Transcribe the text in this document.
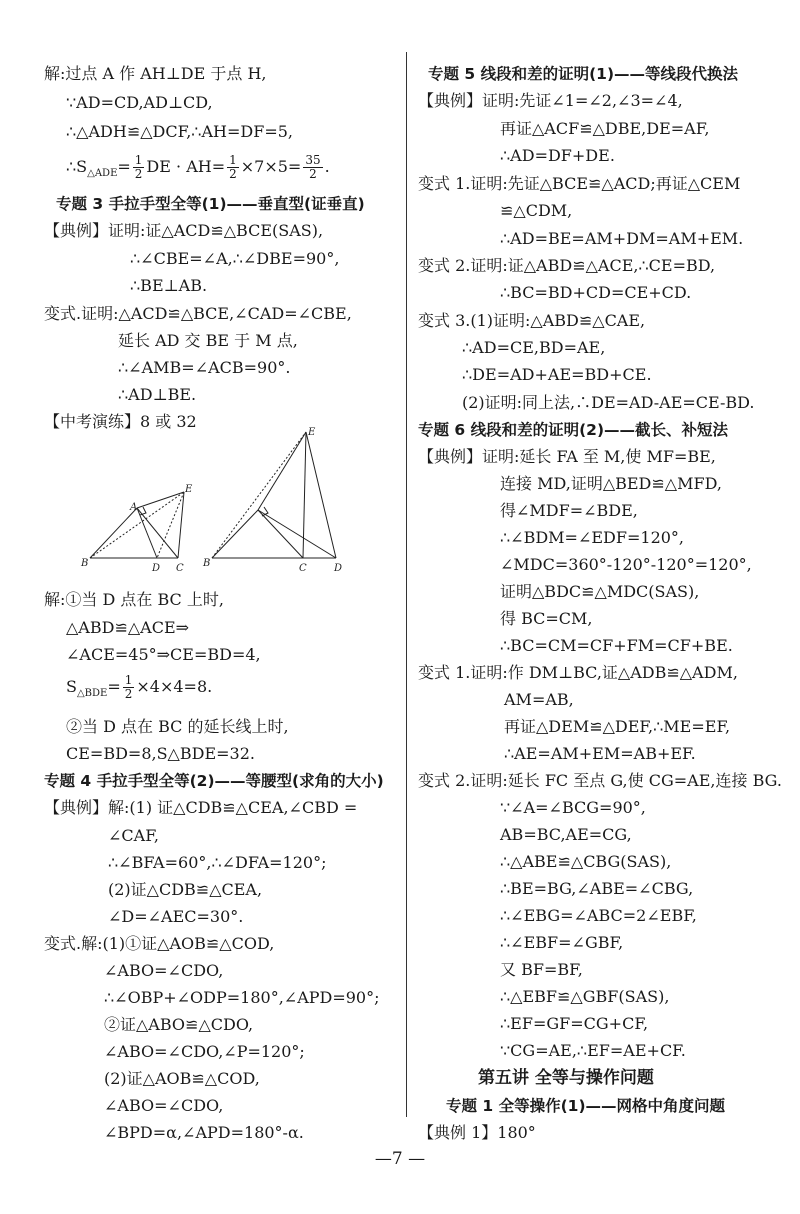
解:过点 A 作 AH⊥DE 于点 H,
∵AD=CD,AD⊥CD,
∴△ADH≌△DCF,∴AH=DF=5,
$\therefore S_{\triangle ADE}= \frac{1}{2}$ DE · $AH= \frac{1}{2} \times 7\times 5= \frac{35}{2}$ .
专题 3 手拉手型全等(1)——垂直型(证垂直)
【典例】证明:证△ACD≌△BCE(SAS),
∴∠CBE=∠A,∴∠DBE=90°,
∴BE⊥AB.
变式.证明:△ACD≌△BCE,∠CAD=∠CBE,
延长 AD 交 BE 于 M 点,
∴∠AMB=∠ACB=90°.
∴AD⊥BE.
【中考演练】8 或 32
解:①当 D 点在 BC 上时,
△ABD≌△ACE⇒
∠ACE=45°⇒CE=BD=4,
$S_{\triangle BDE}= \frac{1}{2} \times 4\times 4=8$.
②当 D 点在 BC 的延长线上时,
CE=BD=8,S△BDE=32.
专题 4 手拉手型全等(2)——等腰型(求角的大小)
【典例】解:(1) 证△CDB≌△CEA,∠CBD =
∠CAF,
∴∠BFA=60°,∴∠DFA=120°;
(2)证△CDB≌△CEA,
∠D=∠AEC=30°.
变式.解:(1)①证△AOB≌△COD,
∠ABO=∠CDO,
∴∠OBP+∠ODP=180°,∠APD=90°;
②证△ABO≌△CDO,
∠ABO=∠CDO,∠P=120°;
(2)证△AOB≌△COD,
∠ABO=∠CDO,
∠BPD=α,∠APD=180°-α.
专题 5 线段和差的证明(1)——等线段代换法
【典例】证明:先证∠1=∠2,∠3=∠4,
再证△ACF≌△DBE,DE=AF,
∴AD=DF+DE.
变式 1.证明:先证△BCE≌△ACD;再证△CEM
≌△CDM,
∴AD=BE=AM+DM=AM+EM.
变式 2.证明:证△ABD≌△ACE,∴CE=BD,
∴BC=BD+CD=CE+CD.
变式 3.(1)证明:△ABD≌△CAE,
∴AD=CE,BD=AE,
∴DE=AD+AE=BD+CE.
(2)证明:同上法,∴DE=AD-AE=CE-BD.
专题 6 线段和差的证明(2)——截长、补短法
【典例】证明:延长 FA 至 M,使 MF=BE,
连接 MD,证明△BED≌△MFD,
得∠MDF=∠BDE,
∴∠BDM=∠EDF=120°,
∠MDC=360°-120°-120°=120°,
证明△BDC≌△MDC(SAS),
得 BC=CM,
∴BC=CM=CF+FM=CF+BE.
变式 1.证明:作 DM⊥BC,证△ADB≌△ADM,
AM=AB,
再证△DEM≌△DEF,∴ME=EF,
∴AE=AM+EM=AB+EF.
变式 2.证明:延长 FC 至点 G,使 CG=AE,连接 BG.
∵∠A=∠BCG=90°,
AB=BC,AE=CG,
∴△ABE≌△CBG(SAS),
∴BE=BG,∠ABE=∠CBG,
∴∠EBG=∠ABC=2∠EBF,
∴∠EBF=∠GBF,
又 BF=BF,
∴△EBF≌△GBF(SAS),
∴EF=GF=CG+CF,
∵CG=AE,∴EF=AE+CF.
第五讲 全等与操作问题
专题 1 全等操作(1)——网格中角度问题
【典例 1】180°
A
B	C
D
E
B	C	D
E
—7 —
